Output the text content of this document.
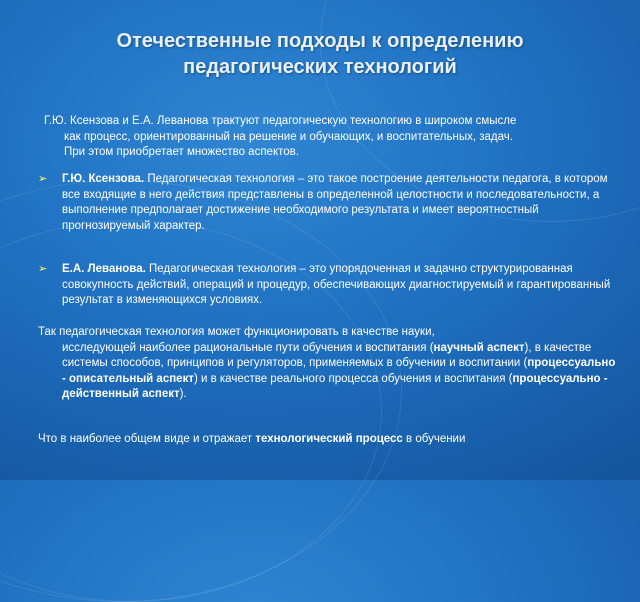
Отечественные подходы к определению
педагогических технологий
Г.Ю. Ксензова и Е.А. Леванова трактуют педагогическую технологию в широком смысле
как процесс, ориентированный на решение и обучающих, и воспитательных, задач.
При этом приобретает множество аспектов.
➢ Г.Ю. Ксензова. Педагогическая технология – это такое построение деятельности педагога, в котором все входящие в него действия представлены в определенной целостности и последовательности, а выполнение предполагает достижение необходимого результата и имеет вероятностный прогнозируемый характер.
➢ Е.А. Леванова. Педагогическая технология – это упорядоченная и задачно структурированная совокупность действий, операций и процедур, обеспечивающих диагностируемый и гарантированный результат в изменяющихся условиях.
Так педагогическая технология может функционировать в качестве науки,
исследующей наиболее рациональные пути обучения и воспитания (научный аспект), в качестве системы способов, принципов и регуляторов, применяемых в обучении и воспитании (процессуально - описательный аспект) и в качестве реального процесса обучения и воспитания (процессуально - действенный аспект).
Что в наиболее общем виде и отражает технологический процесс в обучении
